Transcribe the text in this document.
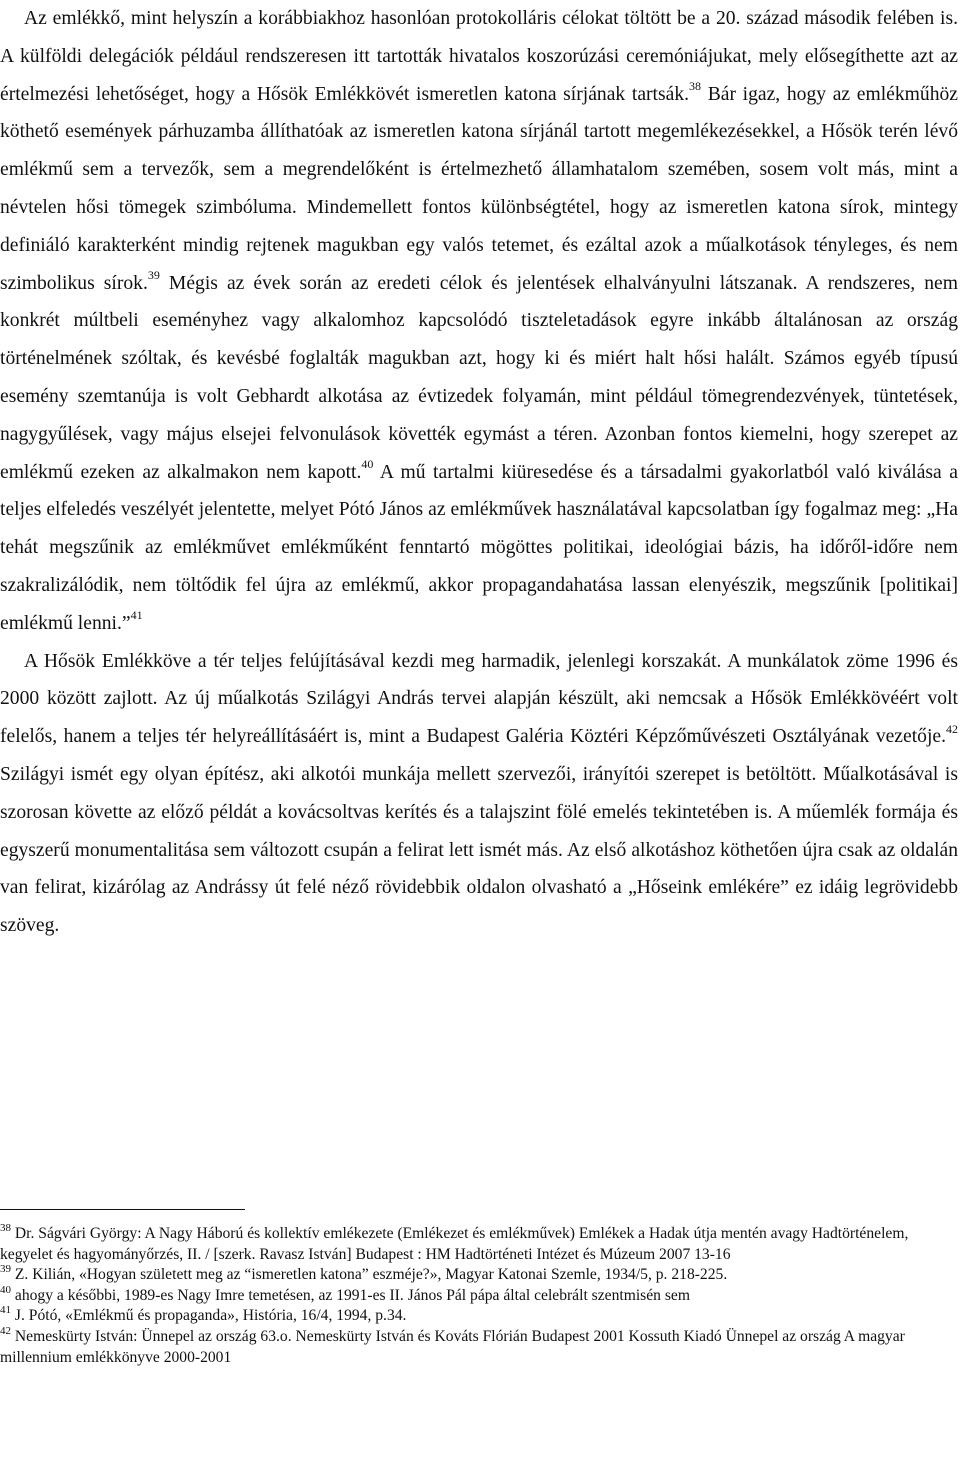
Az emlékkő, mint helyszín a korábbiakhoz hasonlóan protokolláris célokat töltött be a 20. század második felében is. A külföldi delegációk például rendszeresen itt tartották hivatalos koszorúzási ceremóniájukat, mely elősegíthette azt az értelmezési lehetőséget, hogy a Hősök Emlékkövét ismeretlen katona sírjának tartsák.$^{38}$ Bár igaz, hogy az emlékműhöz köthető események párhuzamba állíthatóak az ismeretlen katona sírjánál tartott megemlékezésekkel, a Hősök terén lévő emlékmű sem a tervezők, sem a megrendelőként is értelmezhető államhatalom szemében, sosem volt más, mint a névtelen hősi tömegek szimbóluma. Mindemellett fontos különbségtétel, hogy az ismeretlen katona sírok, mintegy definiáló karakterként mindig rejtenek magukban egy valós tetemet, és ezáltal azok a műalkotások tényleges, és nem szimbolikus sírok.$^{39}$ Mégis az évek során az eredeti célok és jelentések elhalványulni látszanak. A rendszeres, nem konkrét múltbeli eseményhez vagy alkalomhoz kapcsolódó tiszteletadások egyre inkább általánosan az ország történelmének szóltak, és kevésbé foglalták magukban azt, hogy ki és miért halt hősi halált. Számos egyéb típusú esemény szemtanúja is volt Gebhardt alkotása az évtizedek folyamán, mint például tömegrendezvények, tüntetések, nagygyűlések, vagy május elsejei felvonulások követték egymást a téren. Azonban fontos kiemelni, hogy szerepet az emlékmű ezeken az alkalmakon nem kapott.$^{40}$ A mű tartalmi kiüresedése és a társadalmi gyakorlatból való kiválása a teljes elfeledés veszélyét jelentette, melyet Pótó János az emlékművek használatával kapcsolatban így fogalmaz meg: „Ha tehát megszűnik az emlékművet emlékműként fenntartó mögöttes politikai, ideológiai bázis, ha időről-időre nem szakralizálódik, nem töltődik fel újra az emlékmű, akkor propagandahatása lassan elenyészik, megszűnik [politikai] emlékmű lenni.”$^{41}$

A Hősök Emlékköve a tér teljes felújításával kezdi meg harmadik, jelenlegi korszakát. A munkálatok zöme 1996 és 2000 között zajlott. Az új műalkotás Szilágyi András tervei alapján készült, aki nemcsak a Hősök Emlékkövéért volt felelős, hanem a teljes tér helyreállításáért is, mint a Budapest Galéria Köztéri Képzőművészeti Osztályának vezetője.$^{42}$ Szilágyi ismét egy olyan építész, aki alkotói munkája mellett szervezői, irányítói szerepet is betöltött. Műalkotásával is szorosan követte az előző példát a kovácsoltvas kerítés és a talajszint fölé emelés tekintetében is. A műemlék formája és egyszerű monumentalitása sem változott csupán a felirat lett ismét más. Az első alkotáshoz köthetően újra csak az oldalán van felirat, kizárólag az Andrássy út felé néző rövidebbik oldalon olvasható a „Hőseink emlékére” ez idáig legrövidebb szöveg.

$^{38}$ Dr. Ságvári György: A Nagy Háború és kollektív emlékezete (Emlékezet és emlékművek) Emlékek a Hadak útja mentén avagy Hadtörténelem, kegyelet és hagyományőrzés, II. / [szerk. Ravasz István] Budapest : HM Hadtörténeti Intézet és Múzeum 2007 13-16

$^{39}$ Z. Kilián, «Hogyan született meg az “ismeretlen katona” eszméje?», Magyar Katonai Szemle, 1934/5, p. 218-225.

$^{40}$ ahogy a későbbi, 1989-es Nagy Imre temetésen, az 1991-es II. János Pál pápa által celebrált szentmisén sem

$^{41}$ J. Pótó, «Emlékmű és propaganda», História, 16/4, 1994, p.34.

$^{42}$ Nemeskürty István: Ünnepel az ország 63.o. Nemeskürty István és Kováts Flórián Budapest 2001 Kossuth Kiadó Ünnepel az ország A magyar millennium emlékkönyve 2000-2001
